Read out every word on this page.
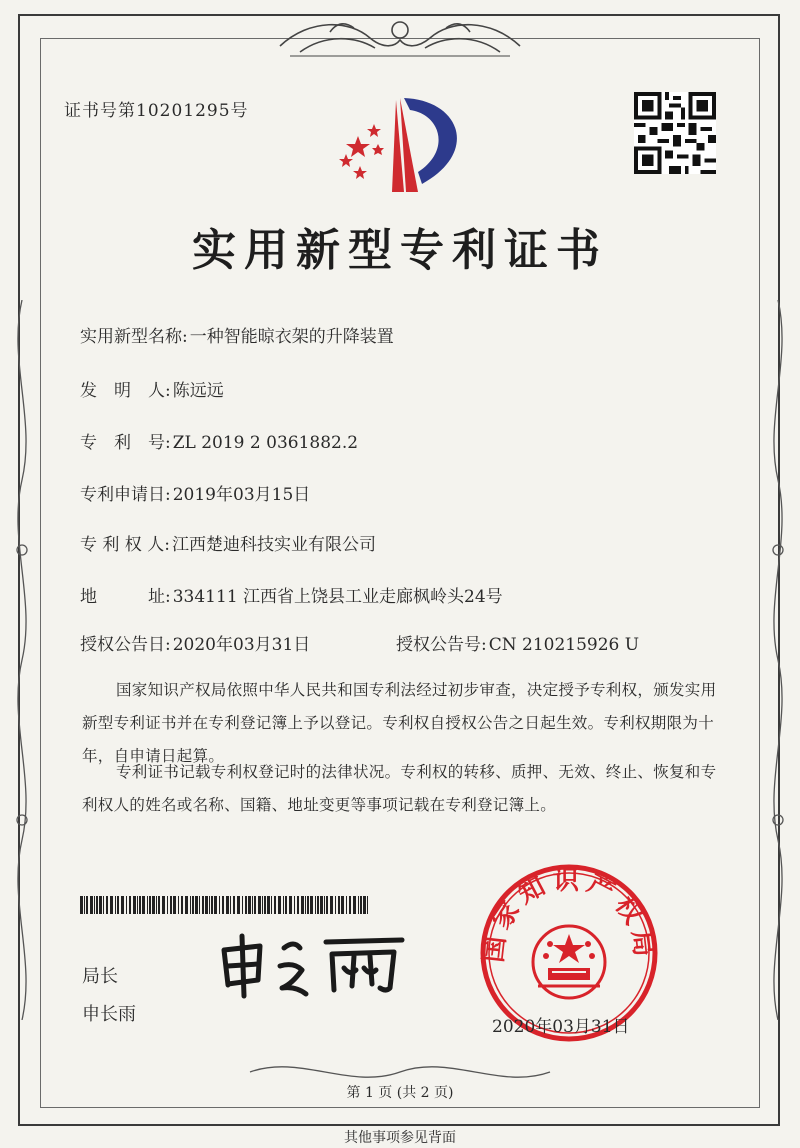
证书号第10201295号
实用新型专利证书
实用新型名称: 一种智能晾衣架的升降装置
发　明　人: 陈远远
专　利　号: ZL 2019 2 0361882.2
专利申请日: 2019年03月15日
专 利 权 人: 江西楚迪科技实业有限公司
地　　　址: 334111 江西省上饶县工业走廊枫岭头24号
授权公告日: 2020年03月31日	授权公告号: CN 210215926 U
国家知识产权局依照中华人民共和国专利法经过初步审查，决定授予专利权，颁发实用新型专利证书并在专利登记簿上予以登记。专利权自授权公告之日起生效。专利权期限为十年，自申请日起算。
专利证书记载专利权登记时的法律状况。专利权的转移、质押、无效、终止、恢复和专利权人的姓名或名称、国籍、地址变更等事项记载在专利登记簿上。
局长
申长雨
国家知识产权局
2020年03月31日
第 1 页 (共 2 页)
其他事项参见背面
